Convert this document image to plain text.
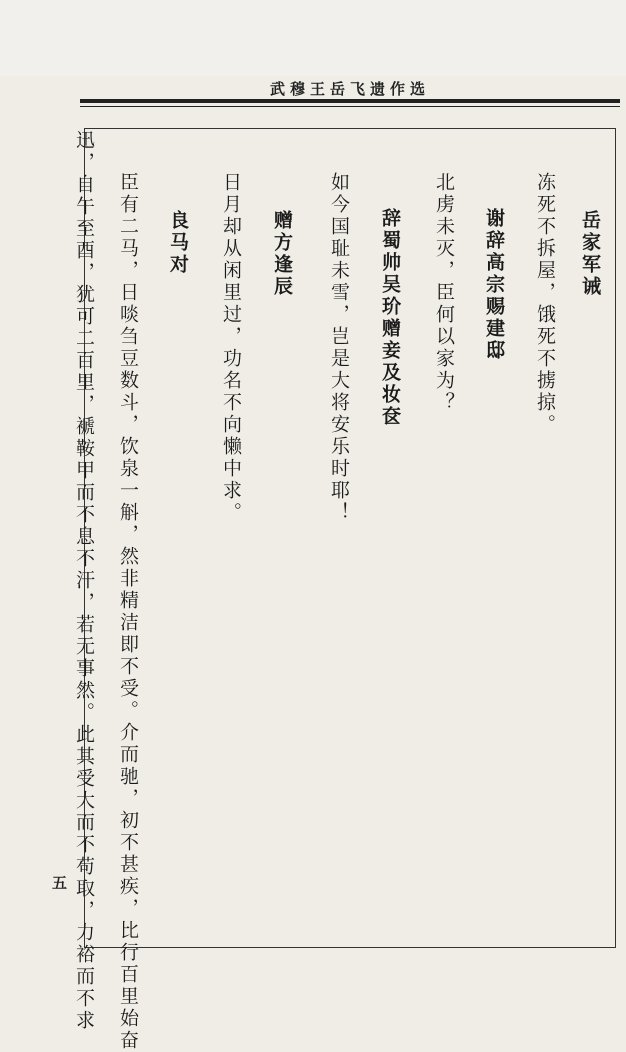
武穆王岳飞遗作选
岳家军诫
冻死不拆屋，饿死不掳掠。
谢辞高宗赐建邸
北虏未灭，臣何以家为？
辞蜀帅吴玠赠妾及妆奁
如今国耻未雪，岂是大将安乐时耶！
赠方逢辰
日月却从闲里过，功名不向懒中求。
良马对
臣有二马，日啖刍豆数斗，饮泉一斛，然非精洁即不受。介而驰，初不甚疾，比行百里始奋
迅，自午至酉，犹可二百里，褫鞍甲而不息不汗，若无事然。此其受大而不苟取，力裕而不求
五
